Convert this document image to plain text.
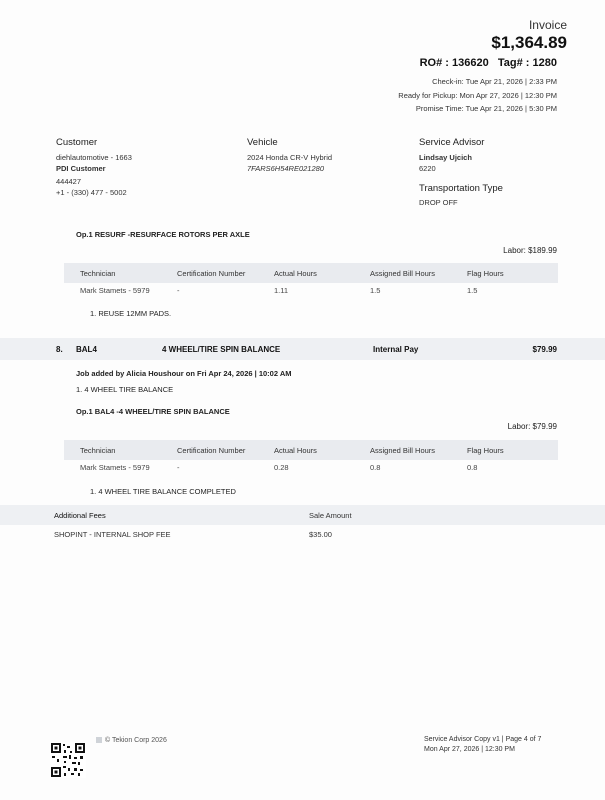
Invoice
$1,364.89
RO# : 136620 Tag# : 1280
Check-in: Tue Apr 21, 2026 | 2:33 PM
Ready for Pickup: Mon Apr 27, 2026 | 12:30 PM
Promise Time: Tue Apr 21, 2026 | 5:30 PM
Customer
diehlautomotive - 1663
PDI Customer
444427
+1 - (330) 477 - 5002
Vehicle
2024 Honda CR-V Hybrid
7FARS6H54RE021280
Service Advisor
Lindsay Ujcich
6220
Transportation Type
DROP OFF
Op.1 RESURF -RESURFACE ROTORS PER AXLE
Labor: $189.99
Technician	Certification Number	Actual Hours	Assigned Bill Hours	Flag Hours
Mark Stamets - 5979	-	1.11	1.5	1.5
1. REUSE 12MM PADS.
8. BAL4	4 WHEEL/TIRE SPIN BALANCE	Internal Pay	$79.99
Job added by Alicia Houshour on Fri Apr 24, 2026 | 10:02 AM
1. 4 WHEEL TIRE BALANCE
Op.1 BAL4 -4 WHEEL/TIRE SPIN BALANCE
Labor: $79.99
Technician	Certification Number	Actual Hours	Assigned Bill Hours	Flag Hours
Mark Stamets - 5979	-	0.28	0.8	0.8
1. 4 WHEEL TIRE BALANCE COMPLETED
Additional Fees	Sale Amount
SHOPINT - INTERNAL SHOP FEE	$35.00
© Tekion Corp 2026	Service Advisor Copy v1 | Page 4 of 7
Mon Apr 27, 2026 | 12:30 PM
